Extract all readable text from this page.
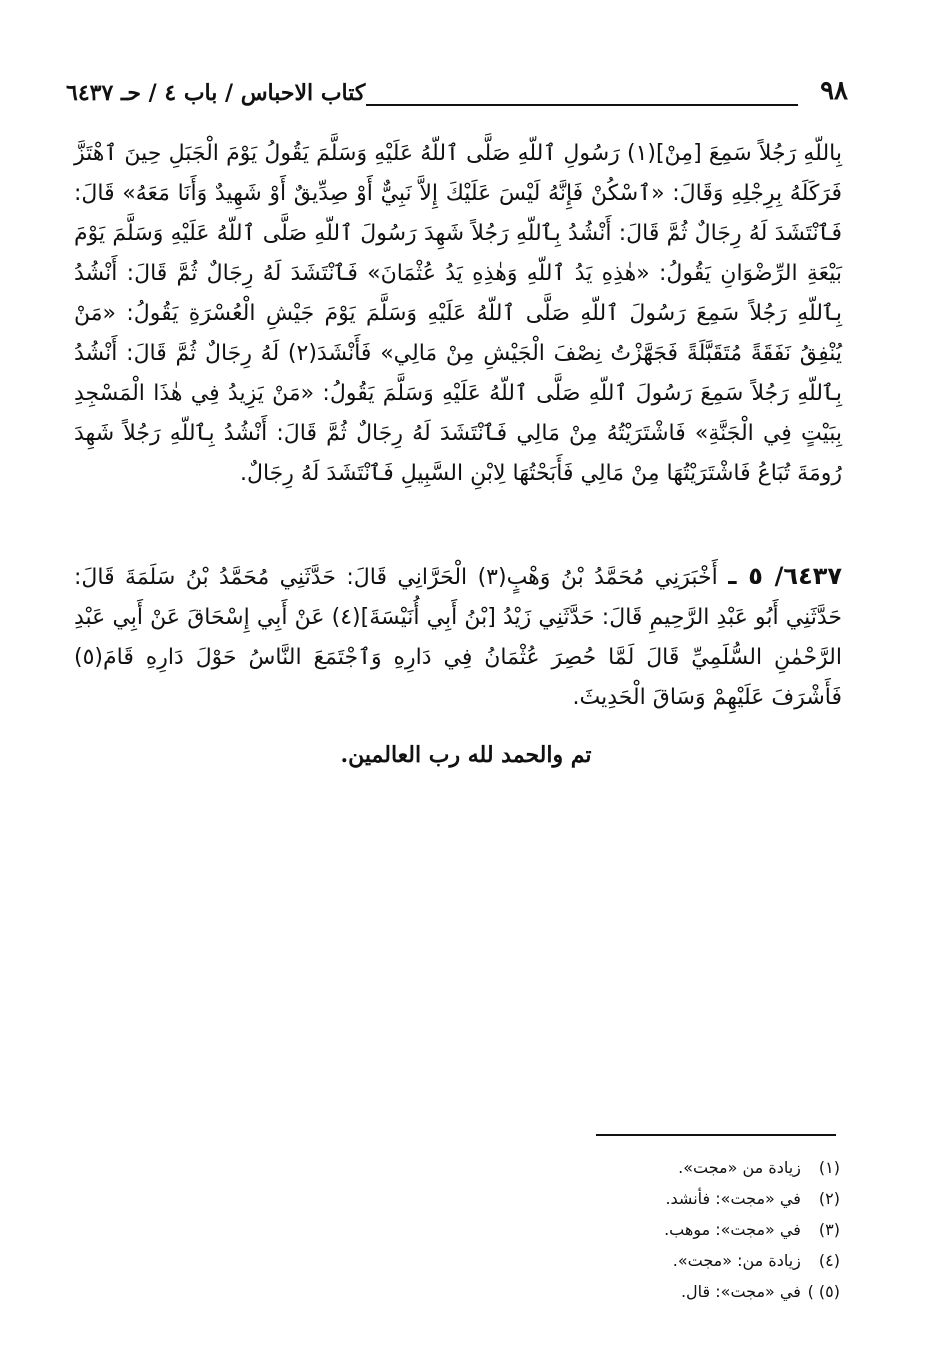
كتاب الاحباس / باب ٤ / حـ ٦٤٣٧	٩٨

بِاللّهِ رَجُلاً سَمِعَ [مِنْ](١) رَسُولِ ٱللّهِ صَلَّى ٱللّهُ عَلَيْهِ وَسَلَّمَ يَقُولُ يَوْمَ الْجَبَلِ حِينَ ٱهْتَزَّ فَرَكَلَهُ بِرِجْلِهِ وَقَالَ: «ٱسْكُنْ فَإِنَّهُ لَيْسَ عَلَيْكَ إِلاَّ نَبِيٌّ أَوْ صِدِّيقٌ أَوْ شَهِيدٌ وَأَنَا مَعَهُ» قَالَ: فَٱنْتَشَدَ لَهُ رِجَالٌ ثُمَّ قَالَ: أَنْشُدُ بِٱللّهِ رَجُلاً شَهِدَ رَسُولَ ٱللّهِ صَلَّى ٱللّهُ عَلَيْهِ وَسَلَّمَ يَوْمَ بَيْعَةِ الرِّضْوَانِ يَقُولُ: «هٰذِهِ يَدُ ٱللّهِ وَهٰذِهِ يَدُ عُثْمَانَ» فَٱنْتَشَدَ لَهُ رِجَالٌ ثُمَّ قَالَ: أَنْشُدُ بِٱللّهِ رَجُلاً سَمِعَ رَسُولَ ٱللّهِ صَلَّى ٱللّهُ عَلَيْهِ وَسَلَّمَ يَوْمَ جَيْشِ الْعُسْرَةِ يَقُولُ: «مَنْ يُنْفِقُ نَفَقَةً مُتَقَبَّلَةً فَجَهَّزْتُ نِصْفَ الْجَيْشِ مِنْ مَالِي» فَأَنْشَدَ(٢) لَهُ رِجَالٌ ثُمَّ قَالَ: أَنْشُدُ بِٱللّهِ رَجُلاً سَمِعَ رَسُولَ ٱللّهِ صَلَّى ٱللّهُ عَلَيْهِ وَسَلَّمَ يَقُولُ: «مَنْ يَزِيدُ فِي هٰذَا الْمَسْجِدِ بِبَيْتٍ فِي الْجَنَّةِ» فَاشْتَرَيْتُهُ مِنْ مَالِي فَٱنْتَشَدَ لَهُ رِجَالٌ ثُمَّ قَالَ: أَنْشُدُ بِٱللّهِ رَجُلاً شَهِدَ رُومَةَ تُبَاعُ فَاشْتَرَيْتُهَا مِنْ مَالِي فَأَبَحْتُهَا لِابْنِ السَّبِيلِ فَٱنْتَشَدَ لَهُ رِجَالٌ.

٦٤٣٧/ ٥ ـ أَخْبَرَنِي مُحَمَّدُ بْنُ وَهْبٍ(٣) الْحَرَّانِي قَالَ: حَدَّثَنِي مُحَمَّدُ بْنُ سَلَمَةَ قَالَ: حَدَّثَنِي أَبُو عَبْدِ الرَّحِيمِ قَالَ: حَدَّثَنِي زَيْدُ [بْنُ أَبِي أُنَيْسَةَ](٤) عَنْ أَبِي إِسْحَاقَ عَنْ أَبِي عَبْدِ الرَّحْمٰنِ السُّلَمِيِّ قَالَ لَمَّا حُصِرَ عُثْمَانُ فِي دَارِهِ وَٱجْتَمَعَ النَّاسُ حَوْلَ دَارِهِ قَامَ(٥) فَأَشْرَفَ عَلَيْهِمْ وَسَاقَ الْحَدِيثَ.
تم والحمد لله رب العالمين.
(١) زيادة من «مجت».
(٢) في «مجت»: فأنشد.
(٣) في «مجت»: موهب.
(٤) زيادة من: «مجت».
(٥) ) في «مجت»: قال.
